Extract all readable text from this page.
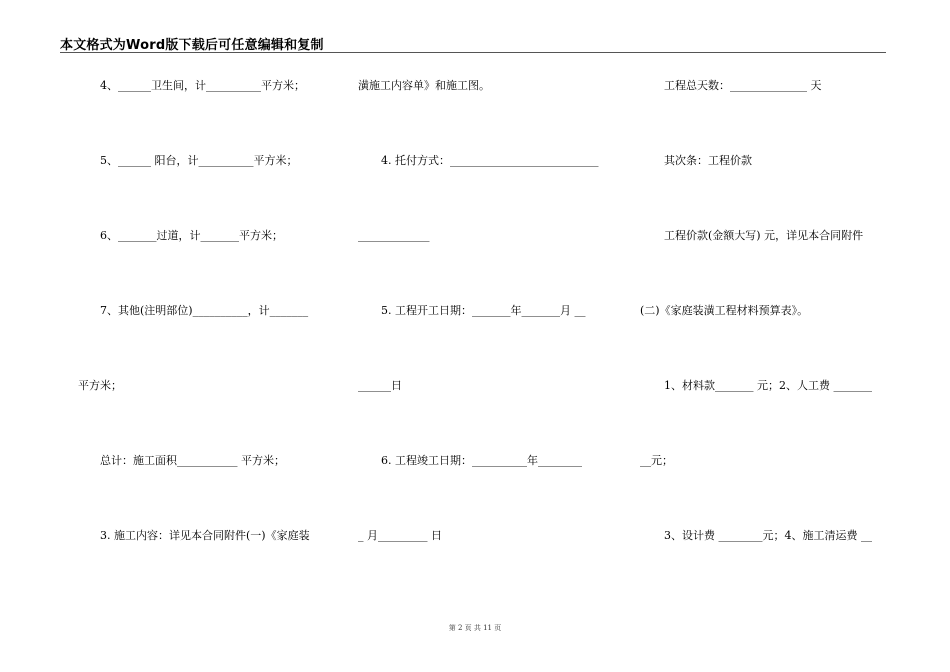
本文格式为Word版下载后可任意编辑和复制
4、______卫生间，计__________平方米；
5、______ 阳台，计__________平方米；
6、_______过道，计_______平方米；
7、其他(注明部位)__________，计_______
平方米；
总计：施工面积___________ 平方米；
3. 施工内容：详见本合同附件(一)《家庭装
潢施工内容单》和施工图。
4. 托付方式：___________________________
_____________
5. 工程开工日期：_______年_______月 __
______日
6. 工程竣工日期：__________年________
_ 月_________ 日
工程总天数：______________ 天
其次条：工程价款
工程价款(金额大写) 元，详见本合同附件
(二)《家庭装潢工程材料预算表》。
1、材料款_______ 元；2、人工费 _______
__元；
3、设计费 ________元；4、施工清运费 __
第 2 页 共 11 页
